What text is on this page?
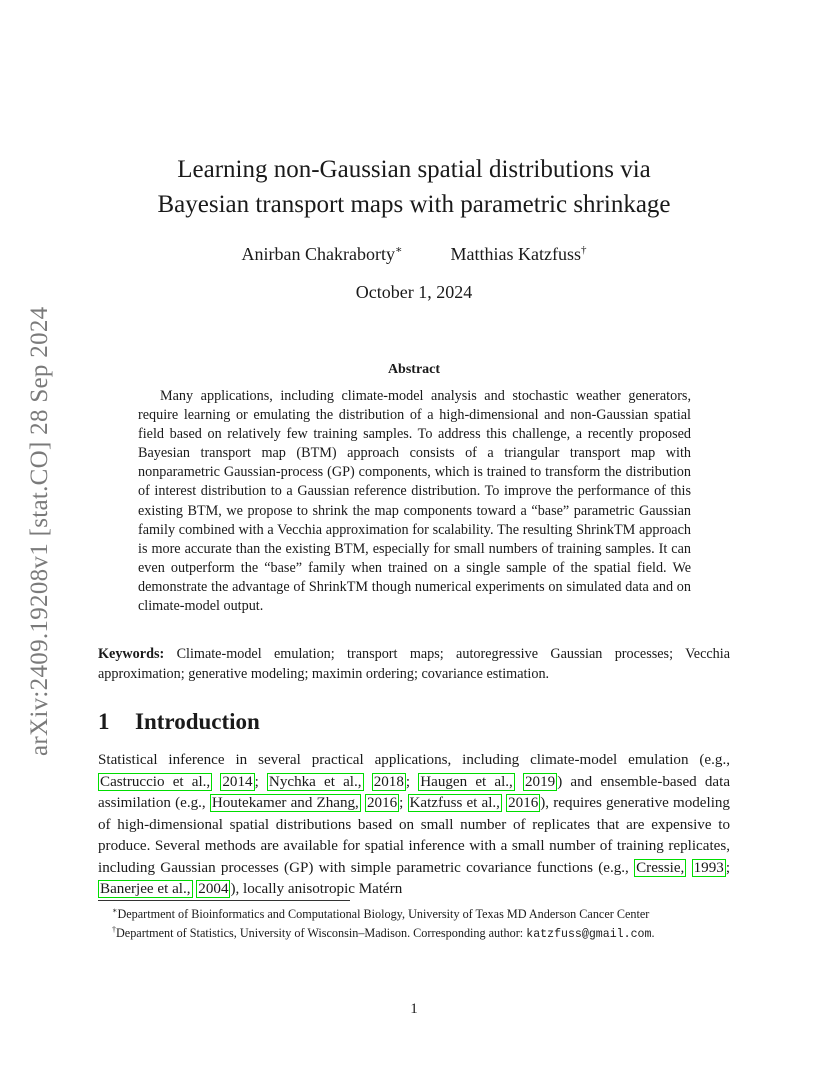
arXiv:2409.19208v1 [stat.CO] 28 Sep 2024
Learning non-Gaussian spatial distributions via
Bayesian transport maps with parametric shrinkage
Anirban Chakraborty∗	Matthias Katzfuss†
October 1, 2024
Abstract

Many applications, including climate-model analysis and stochastic weather generators, require learning or emulating the distribution of a high-dimensional and non-Gaussian spatial field based on relatively few training samples. To address this challenge, a recently proposed Bayesian transport map (BTM) approach consists of a triangular transport map with nonparametric Gaussian-process (GP) components, which is trained to transform the distribution of interest distribution to a Gaussian reference distribution. To improve the performance of this existing BTM, we propose to shrink the map components toward a “base” parametric Gaussian family combined with a Vecchia approximation for scalability. The resulting ShrinkTM approach is more accurate than the existing BTM, especially for small numbers of training samples. It can even outperform the “base” family when trained on a single sample of the spatial field. We demonstrate the advantage of ShrinkTM though numerical experiments on simulated data and on climate-model output.

Keywords: Climate-model emulation; transport maps; autoregressive Gaussian processes; Vecchia approximation; generative modeling; maximin ordering; covariance estimation.

1 Introduction

Statistical inference in several practical applications, including climate-model emulation (e.g., Castruccio et al., 2014 ; Nychka et al., 2018 ; Haugen et al., 2019 ) and ensemble-based data assimilation (e.g., Houtekamer and Zhang, 2016 ; Katzfuss et al., 2016 ), requires generative modeling of high-dimensional spatial distributions based on small number of replicates that are expensive to produce. Several methods are available for spatial inference with a small number of training replicates, including Gaussian processes (GP) with simple parametric covariance functions (e.g., Cressie, 1993 ; Banerjee et al., 2004 ), locally anisotropic Matérn

∗Department of Bioinformatics and Computational Biology, University of Texas MD Anderson Cancer Center

†Department of Statistics, University of Wisconsin–Madison. Corresponding author: katzfuss@gmail.com.

1
